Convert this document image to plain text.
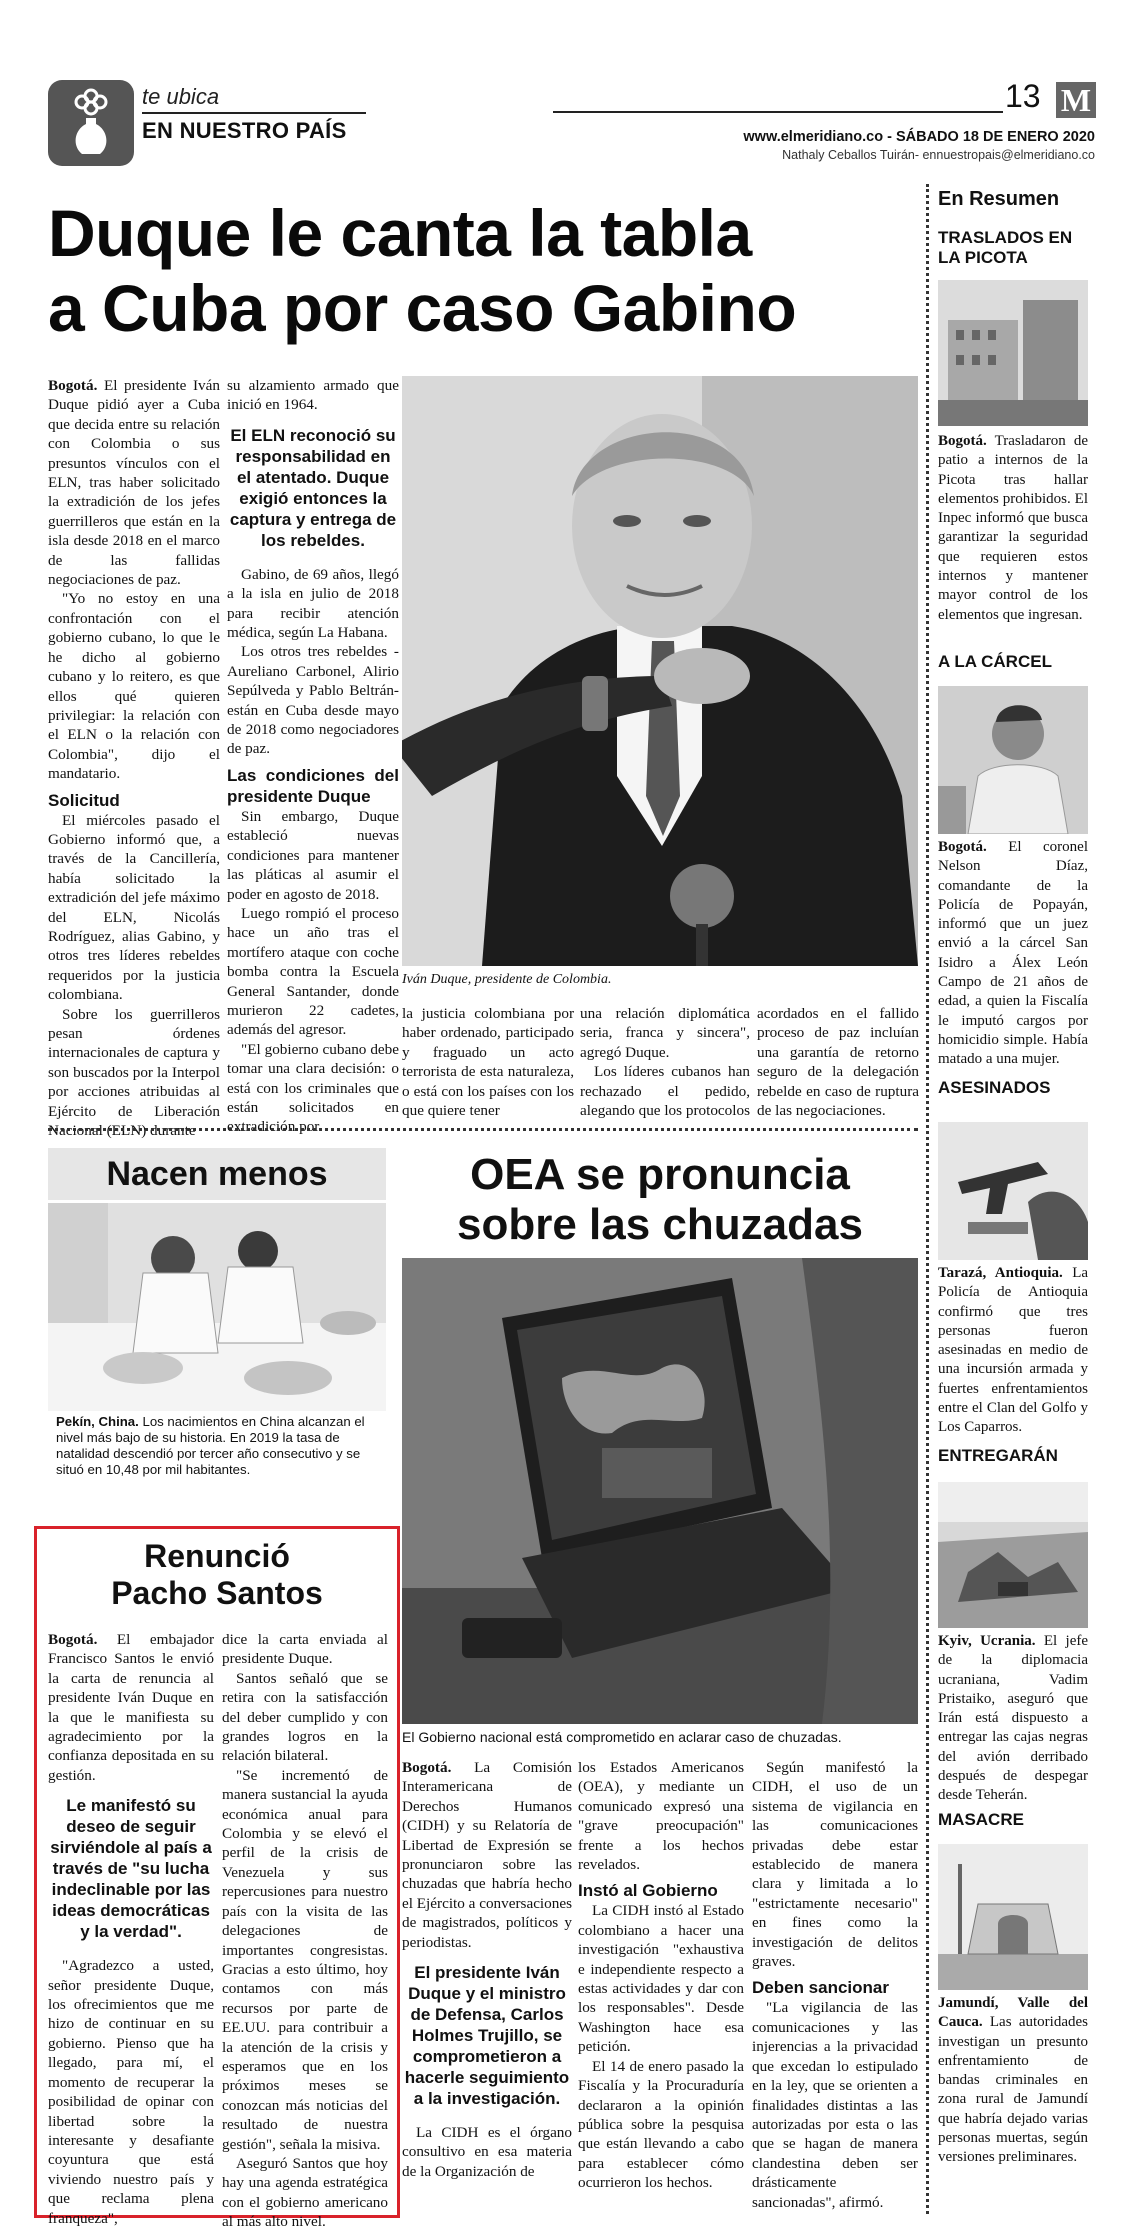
te ubica
EN NUESTRO PAÍS
13 M
www.elmeridiano.co - SÁBADO 18 DE ENERO 2020
Nathaly Ceballos Tuirán- ennuestropais@elmeridiano.co
Duque le canta la tabla
a Cuba por caso Gabino

Bogotá. El presidente Iván Duque pidió ayer a Cuba que decida entre su relación con Colombia o sus presuntos vínculos con el ELN, tras haber solicitado la extradición de los jefes guerrilleros que están en la isla desde 2018 en el marco de las fallidas negociaciones de paz.

"Yo no estoy en una confrontación con el gobierno cubano, lo que le he dicho al gobierno cubano y lo reitero, es que ellos qué quieren privilegiar: la relación con el ELN o la relación con Colombia", dijo el mandatario.

Solicitud

El miércoles pasado el Gobierno informó que, a través de la Cancillería, había solicitado la extradición del jefe máximo del ELN, Nicolás Rodríguez, alias Gabino, y otros tres líderes rebeldes requeridos por la justicia colombiana.

Sobre los guerrilleros pesan órdenes internacionales de captura y son buscados por la Interpol por acciones atribuidas al Ejército de Liberación Nacional (ELN) durante

su alzamiento armado que inició en 1964.

El ELN reconoció su responsabilidad en el atentado. Duque exigió entonces la captura y entrega de los rebeldes.

Gabino, de 69 años, llegó a la isla en julio de 2018 para recibir atención médica, según La Habana.

Los otros tres rebeldes -Aureliano Carbonel, Alirio Sepúlveda y Pablo Beltrán- están en Cuba desde mayo de 2018 como negociadores de paz.

Las condiciones del presidente Duque

Sin embargo, Duque estableció nuevas condiciones para mantener las pláticas al asumir el poder en agosto de 2018.

Luego rompió el proceso hace un año tras el mortífero ataque con coche bomba contra la Escuela General Santander, donde murieron 22 cadetes, además del agresor.

"El gobierno cubano debe tomar una clara decisión: o está con los criminales que están solicitados en extradición por

Iván Duque, presidente de Colombia.

la justicia colombiana por haber ordenado, participado y fraguado un acto terrorista de esta naturaleza, o está con los países con los que quiere tener

una relación diplomática seria, franca y sincera", agregó Duque.

Los líderes cubanos han rechazado el pedido, alegando que los protocolos

acordados en el fallido proceso de paz incluían una garantía de retorno seguro de la delegación rebelde en caso de ruptura de las negociaciones.

Nacen menos
Pekín, China. Los nacimientos en China alcanzan el nivel más bajo de su historia. En 2019 la tasa de natalidad descendió por tercer año consecutivo y se situó en 10,48 por mil habitantes.
Renunció
Pacho Santos

Bogotá. El embajador Francisco Santos le envió la carta de renuncia al presidente Iván Duque en la que le manifiesta su agradecimiento por la confianza depositada en su gestión.

Le manifestó su deseo de seguir sirviéndole al país a través de "su lucha indeclinable por las ideas democráticas y la verdad".

"Agradezco a usted, señor presidente Duque, los ofrecimientos que me hizo de continuar en su gobierno. Pienso que ha llegado, para mí, el momento de recuperar la posibilidad de opinar con libertad sobre la interesante y desafiante coyuntura que está viviendo nuestro país y que reclama plena franqueza",

dice la carta enviada al presidente Duque.

Santos señaló que se retira con la satisfacción del deber cumplido y con grandes logros en la relación bilateral.

"Se incrementó de manera sustancial la ayuda económica anual para Colombia y se elevó el perfil de la crisis de Venezuela y sus repercusiones para nuestro país con la visita de las delegaciones de importantes congresistas. Gracias a esto último, hoy contamos con más recursos por parte de EE.UU. para contribuir a la atención de la crisis y esperamos que en los próximos meses se conozcan más noticias del resultado de nuestra gestión", señala la misiva.

Aseguró Santos que hoy hay una agenda estratégica con el gobierno americano al más alto nivel.

OEA se pronuncia
sobre las chuzadas
El Gobierno nacional está comprometido en aclarar caso de chuzadas.

Bogotá. La Comisión Interamericana de Derechos Humanos (CIDH) y su Relatoría de Libertad de Expresión se pronunciaron sobre las chuzadas que habría hecho el Ejército a conversaciones de magistrados, políticos y periodistas.

El presidente Iván Duque y el ministro de Defensa, Carlos Holmes Trujillo, se comprometieron a hacerle seguimiento a la investigación.

La CIDH es el órgano consultivo en esa materia de la Organización de

los Estados Americanos (OEA), y mediante un comunicado expresó una "grave preocupación" frente a los hechos revelados.

Instó al Gobierno

La CIDH instó al Estado colombiano a hacer una investigación "exhaustiva e independiente respecto a estas actividades y dar con los responsables". Desde Washington hace esa petición.

El 14 de enero pasado la Fiscalía y la Procuraduría declararon a la opinión pública sobre la pesquisa que están llevando a cabo para establecer cómo ocurrieron los hechos.

Según manifestó la CIDH, el uso de un sistema de vigilancia en las comunicaciones privadas debe estar establecido de manera clara y limitada a lo "estrictamente necesario" en fines como la investigación de delitos graves.

Deben sancionar

"La vigilancia de las comunicaciones y las injerencias a la privacidad que excedan lo estipulado en la ley, que se orienten a finalidades distintas a las autorizadas por esta o las que se hagan de manera clandestina deben ser drásticamente sancionadas", afirmó.

En Resumen
TRASLADOS EN LA PICOTA
Bogotá. Trasladaron de patio a internos de la Picota tras hallar elementos prohibidos. El Inpec informó que busca garantizar la seguridad que requieren estos internos y mantener mayor control de los elementos que ingresan.
A LA CÁRCEL
Bogotá. El coronel Nelson Díaz, comandante de la Policía de Popayán, informó que un juez envió a la cárcel San Isidro a Álex León Campo de 21 años de edad, a quien la Fiscalía le imputó cargos por homicidio simple. Había matado a una mujer.
ASESINADOS
Tarazá, Antioquia. La Policía de Antioquia confirmó que tres personas fueron asesinadas en medio de una incursión armada y fuertes enfrentamientos entre el Clan del Golfo y Los Caparros.
ENTREGARÁN
Kyiv, Ucrania. El jefe de la diplomacia ucraniana, Vadim Pristaiko, aseguró que Irán está dispuesto a entregar las cajas negras del avión derribado después de despegar desde Teherán.
MASACRE
Jamundí, Valle del Cauca. Las autoridades investigan un presunto enfrentamiento de bandas criminales en zona rural de Jamundí que habría dejado varias personas muertas, según versiones preliminares.
